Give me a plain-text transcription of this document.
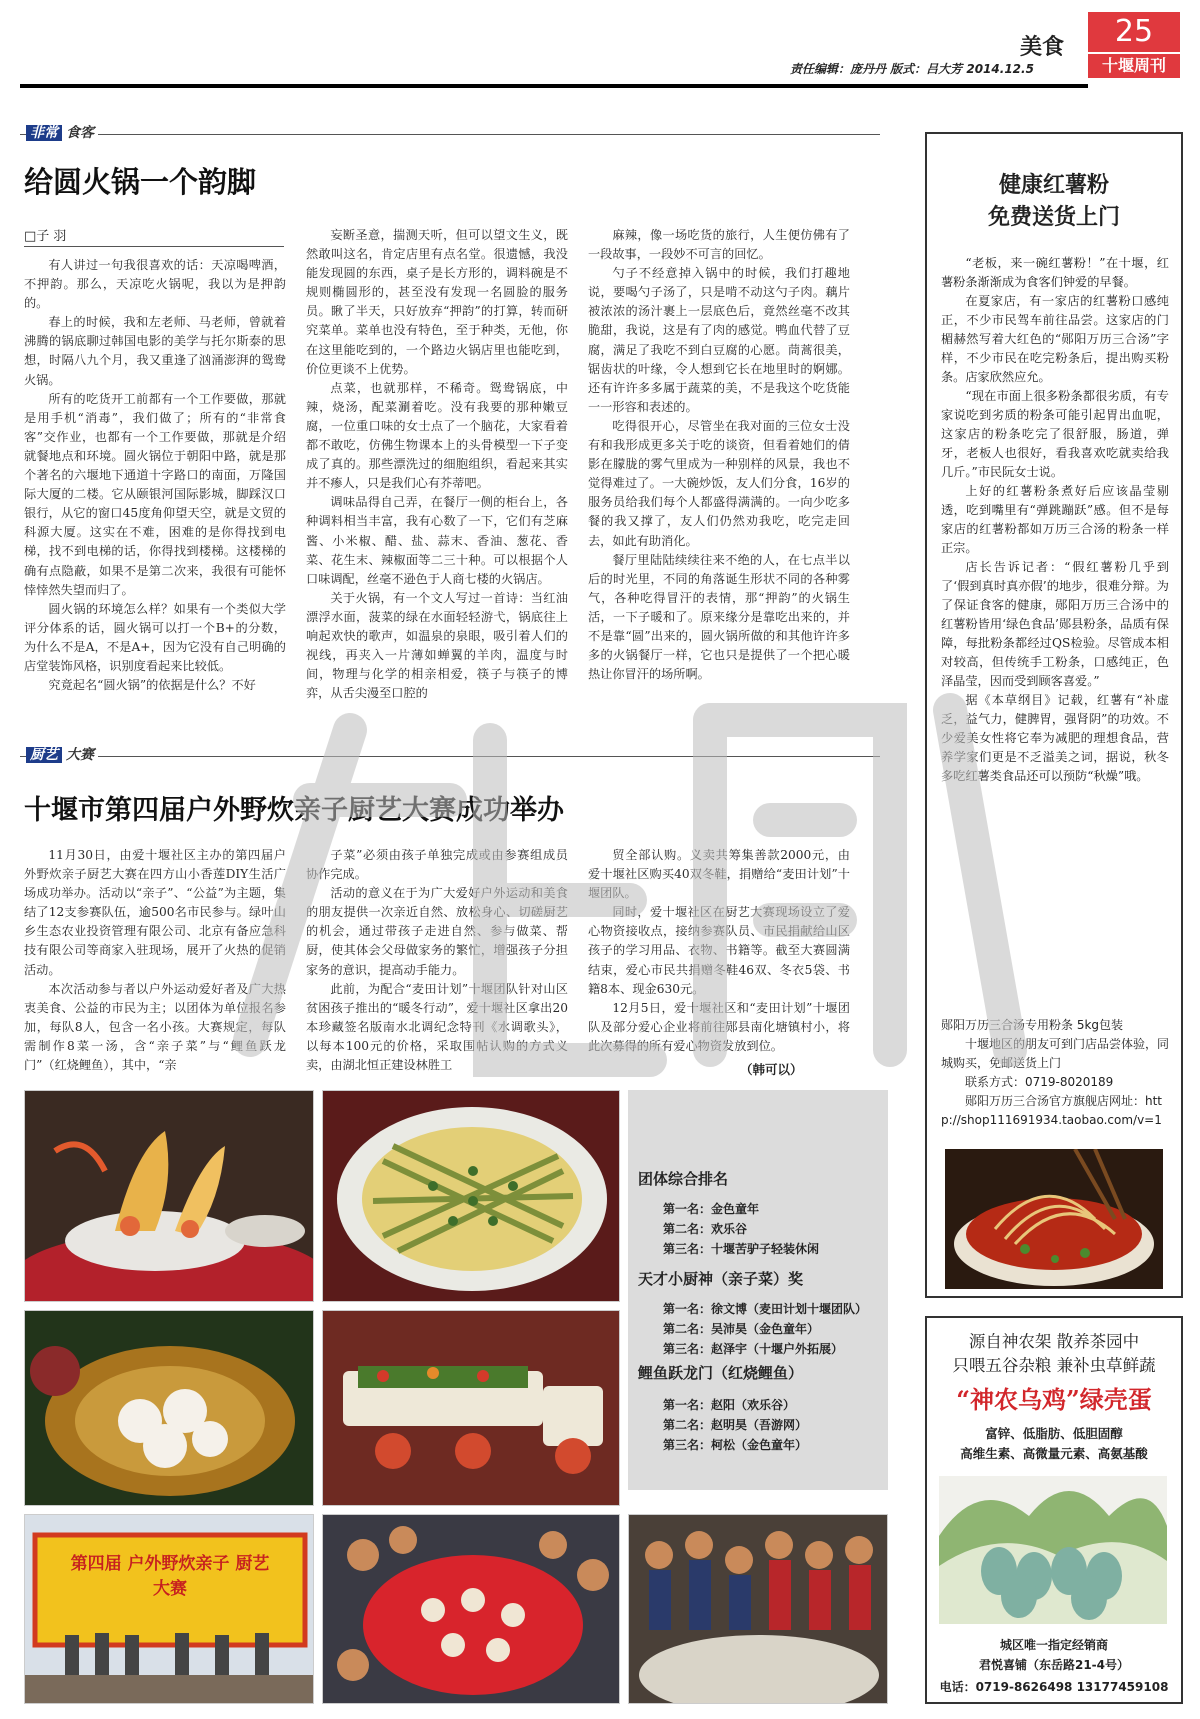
美食	25
十堰周刊
责任编辑：庞丹丹 版式：吕大芳 2014.12.5
非常 食客
给圆火锅一个韵脚
□子 羽

有人讲过一句我很喜欢的话：天凉喝啤酒，不押韵。那么，天凉吃火锅呢，我以为是押韵的。

春上的时候，我和左老师、马老师，曾就着沸腾的锅底聊过韩国电影的美学与托尔斯泰的思想，时隔八九个月，我又重逢了汹涌澎湃的鸳鸯火锅。

所有的吃货开工前都有一个工作要做，那就是用手机“消毒”，我们做了；所有的“非常食客”交作业，也都有一个工作要做，那就是介绍就餐地点和环境。圆火锅位于朝阳中路，就是那个著名的六堰地下通道十字路口的南面，万隆国际大厦的二楼。它从颐银河国际影城，脚踩汉口银行，从它的窗口45度角仰望天空，就是文贸的科源大厦。这实在不难，困难的是你得找到电梯，找不到电梯的话，你得找到楼梯。这楼梯的确有点隐蔽，如果不是第二次来，我很有可能怀悻悻然失望而归了。

圆火锅的环境怎么样？如果有一个类似大学评分体系的话，圆火锅可以打一个B+的分数，为什么不是A，不是A+，因为它没有自己明确的店堂装饰风格，识别度看起来比较低。

究竟起名“圆火锅”的依据是什么？不好

妄断圣意，揣测天听，但可以望文生义，既然敢叫这名，肯定店里有点名堂。很遗憾，我没能发现圆的东西，桌子是长方形的，调料碗是不规则椭圆形的，甚至没有发现一名圆脸的服务员。瞅了半天，只好放弃“押韵”的打算，转而研究菜单。菜单也没有特色，至于种类，无他，你在这里能吃到的，一个路边火锅店里也能吃到，价位更谈不上优势。

点菜，也就那样，不稀奇。鸳鸯锅底，中辣，烧汤，配菜涮着吃。没有我要的那种嫩豆腐，一位重口味的女士点了一个脑花，大家看着都不敢吃，仿佛生物课本上的头骨模型一下子变成了真的。那些漂洗过的细胞组织，看起来其实并不瘆人，只是我们心有芥蒂吧。

调味品得自己弄，在餐厅一侧的柜台上，各种调料相当丰富，我有心数了一下，它们有芝麻酱、小米椒、醋、盐、蒜末、香油、葱花、香菜、花生末、辣椒面等二三十种。可以根据个人口味调配，丝毫不逊色于人商七楼的火锅店。

关于火锅，有一个文人写过一首诗：当红油漂浮水面，菠菜的绿在水面轻轻游弋，锅底往上响起欢快的歌声，如温泉的泉眼，吸引着人们的视线，再夹入一片薄如蝉翼的羊肉，温度与时间，物理与化学的相亲相爱，筷子与筷子的博弈，从舌尖漫至口腔的

麻辣，像一场吃货的旅行，人生便仿佛有了一段故事，一段妙不可言的回忆。

勺子不经意掉入锅中的时候，我们打趣地说，要喝勺子汤了，只是啃不动这勺子肉。藕片被浓浓的汤汁裹上一层底色后，竟然丝毫不改其脆甜，我说，这是有了肉的感觉。鸭血代替了豆腐，满足了我吃不到白豆腐的心愿。茼蒿很美，锯齿状的叶缘，令人想到它长在地里时的婀娜。还有许许多多属于蔬菜的美，不是我这个吃货能一一形容和表述的。

吃得很开心，尽管坐在我对面的三位女士没有和我形成更多关于吃的谈资，但看着她们的倩影在朦胧的雾气里成为一种别样的风景，我也不觉得难过了。一大碗炒饭，友人们分食，16岁的服务员给我们每个人都盛得满满的。一向少吃多餐的我又撑了，友人们仍然劝我吃，吃完走回去，如此有助消化。

餐厅里陆陆续续往来不绝的人，在七点半以后的时光里，不同的角落诞生形状不同的各种雾气，各种吃得冒汗的表情，那“押韵”的火锅生活，一下子暖和了。原来缘分是靠吃出来的，并不是靠“圆”出来的，圆火锅所做的和其他许许多多的火锅餐厅一样，它也只是提供了一个把心暖热让你冒汗的场所啊。

厨艺 大赛
十堰市第四届户外野炊亲子厨艺大赛成功举办

11月30日，由爱十堰社区主办的第四届户外野炊亲子厨艺大赛在四方山小香莲DIY生活广场成功举办。活动以“亲子”、“公益”为主题，集结了12支参赛队伍，逾500名市民参与。绿叶山乡生态农业投资管理有限公司、北京有备应急科技有限公司等商家入驻现场，展开了火热的促销活动。

本次活动参与者以户外运动爱好者及广大热衷美食、公益的市民为主；以团体为单位报名参加，每队8人，包含一名小孩。大赛规定，每队需制作8菜一汤，含“亲子菜”与“鲤鱼跃龙门”（红烧鲤鱼），其中，“亲

子菜”必须由孩子单独完成或由参赛组成员协作完成。

活动的意义在于为广大爱好户外运动和美食的朋友提供一次亲近自然、放松身心、切磋厨艺的机会，通过带孩子走进自然、参与做菜、帮厨，使其体会父母做家务的繁忙，增强孩子分担家务的意识，提高动手能力。

此前，为配合“麦田计划”十堰团队针对山区贫困孩子推出的“暖冬行动”，爱十堰社区拿出20本珍藏签名版南水北调纪念特刊《水调歌头》，以每本100元的价格，采取围帖认购的方式义卖，由湖北恒正建设林胜工

贸全部认购。义卖共筹集善款2000元，由爱十堰社区购买40双冬鞋，捐赠给“麦田计划”十堰团队。

同时，爱十堰社区在厨艺大赛现场设立了爱心物资接收点，接纳参赛队员、市民捐献给山区孩子的学习用品、衣物、书籍等。截至大赛圆满结束，爱心市民共捐赠冬鞋46双、冬衣5袋、书籍8本、现金630元。

12月5日，爱十堰社区和“麦田计划”十堰团队及部分爱心企业将前往郧县南化塘镇村小，将此次募得的所有爱心物资发放到位。

（韩可以）
第四届 户外野炊亲子 厨艺大赛
团体综合排名
第一名：金色童年
第二名：欢乐谷
第三名：十堰苦驴子轻装休闲
天才小厨神（亲子菜）奖
第一名：徐文博（麦田计划十堰团队）
第二名：吴沛昊（金色童年）
第三名：赵泽宇（十堰户外拓展）
鲤鱼跃龙门（红烧鲤鱼）
第一名：赵阳（欢乐谷）
第二名：赵明昊（吾游网）
第三名：柯松（金色童年）
健康红薯粉
免费送货上门

“老板，来一碗红薯粉！”在十堰，红薯粉条渐渐成为食客们钟爱的早餐。

在夏家店，有一家店的红薯粉口感纯正，不少市民驾车前往品尝。这家店的门楣赫然写着大红色的“郧阳万历三合汤”字样，不少市民在吃完粉条后，提出购买粉条。店家欣然应允。

“现在市面上很多粉条都很劣质，有专家说吃到劣质的粉条可能引起胃出血呢，这家店的粉条吃完了很舒服，肠道，弹牙，老板人也很好，看我喜欢吃就卖给我几斤。”市民阮女士说。

上好的红薯粉条煮好后应该晶莹剔透，吃到嘴里有“弹跳蹦跃”感。但不是每家店的红薯粉都如万历三合汤的粉条一样正宗。

店长告诉记者：“假红薯粉几乎到了‘假到真时真亦假’的地步，很难分辩。为了保证食客的健康，郧阳万历三合汤中的红薯粉皆用‘绿色食品’郧县粉条，品质有保障，每批粉条都经过QS检验。尽管成本相对较高，但传统手工粉条，口感纯正，色泽晶莹，因而受到顾客喜爱。”

据《本草纲目》记载，红薯有“补虚乏，益气力，健脾胃，强肾阴”的功效。不少爱美女性将它奉为减肥的理想食品，营养学家们更是不乏溢美之词，据说，秋冬多吃红薯类食品还可以预防“秋燥”哦。

郧阳万历三合汤专用粉条 5kg包装
十堰地区的朋友可到门店品尝体验，同城购买，免邮送货上门
联系方式：0719-8020189
郧阳万历三合汤官方旗舰店网址：http://shop111691934.taobao.com/v=1
源自神农架 散养茶园中
只喂五谷杂粮 兼补虫草鲜蔬
“神农乌鸡”绿壳蛋
富锌、低脂肪、低胆固醇
高维生素、高微量元素、高氨基酸
城区唯一指定经销商
君悦喜铺（东岳路21-4号）
电话：0719-8626498 13177459108
